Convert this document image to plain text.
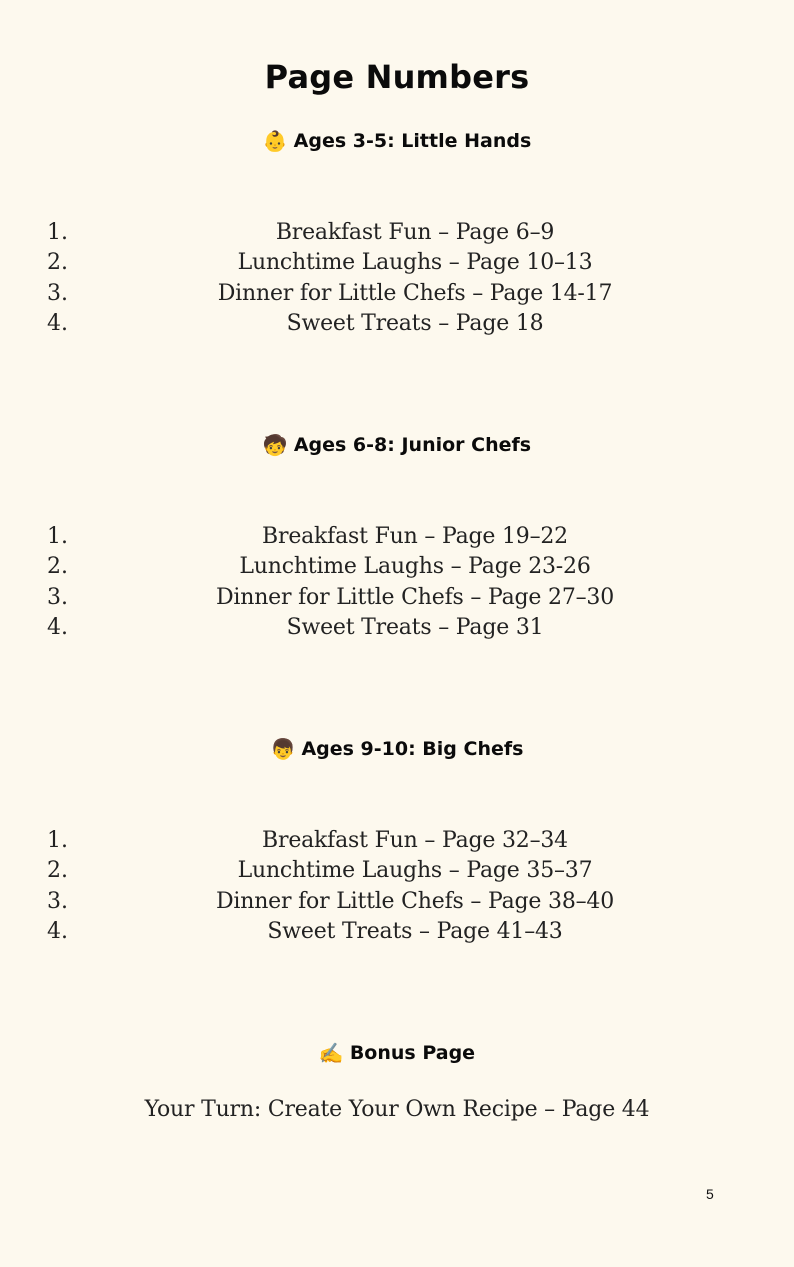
Page Numbers
👶 Ages 3-5: Little Hands
1.	Breakfast Fun – Page 6–9
2.	Lunchtime Laughs – Page 10–13
3.	Dinner for Little Chefs – Page 14-17
4.	Sweet Treats – Page 18
🧒 Ages 6-8: Junior Chefs
1.	Breakfast Fun – Page 19–22
2.	Lunchtime Laughs – Page 23-26
3.	Dinner for Little Chefs – Page 27–30
4.	Sweet Treats – Page 31
👦 Ages 9-10: Big Chefs
1.	Breakfast Fun – Page 32–34
2.	Lunchtime Laughs – Page 35–37
3.	Dinner for Little Chefs – Page 38–40
4.	Sweet Treats – Page 41–43
✍️ Bonus Page
Your Turn: Create Your Own Recipe – Page 44
5
